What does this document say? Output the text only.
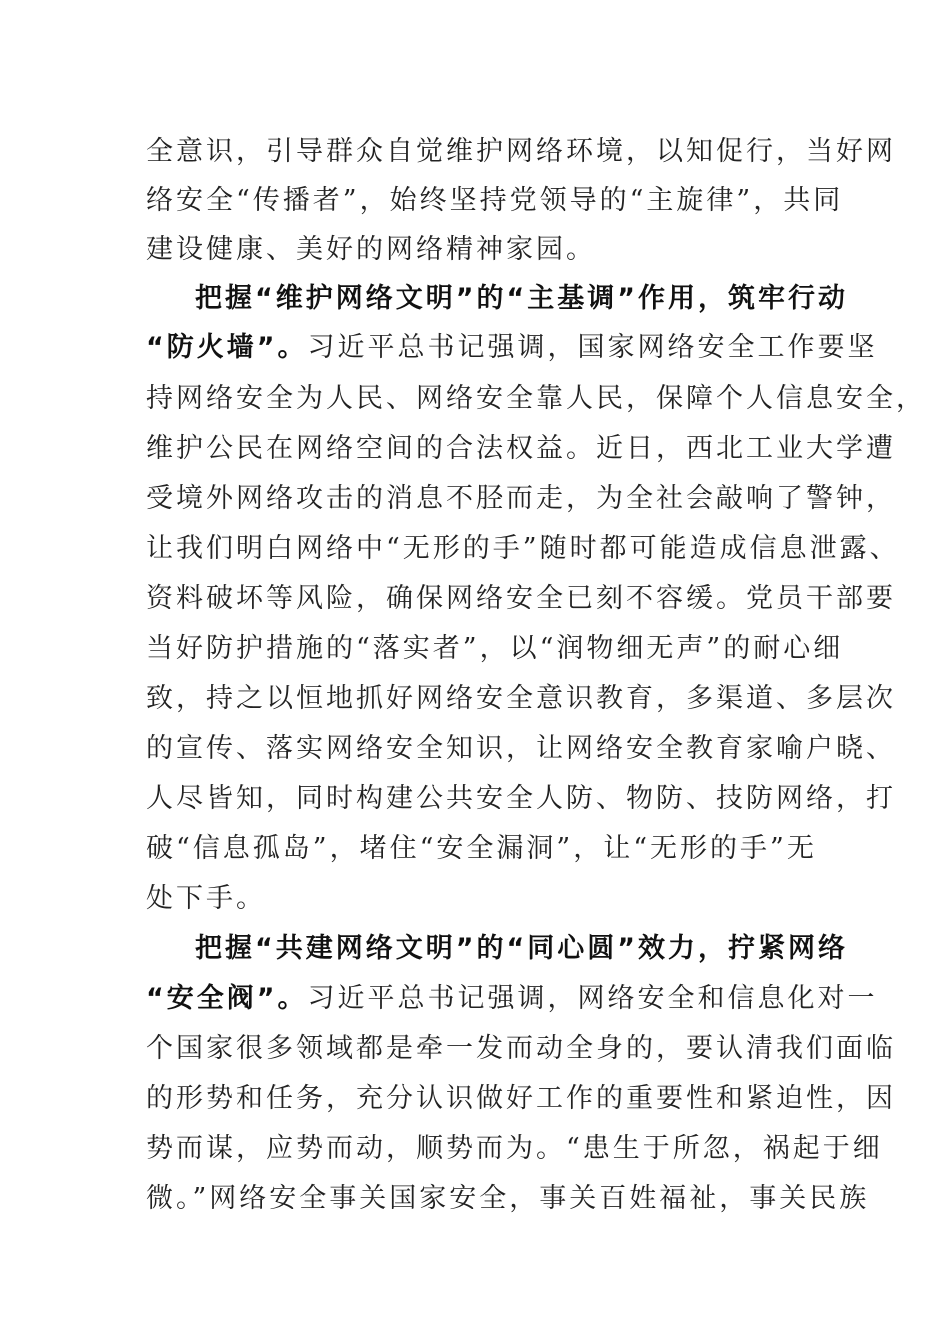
全意识，引导群众自觉维护网络环境，以知促行，当好网
络安全“传播者”，始终坚持党领导的“主旋律”，共同
建设健康、美好的网络精神家园。
把握“维护网络文明”的“主基调”作用，筑牢行动
“防火墙”。习近平总书记强调，国家网络安全工作要坚
持网络安全为人民、网络安全靠人民，保障个人信息安全，
维护公民在网络空间的合法权益。近日，西北工业大学遭
受境外网络攻击的消息不胫而走，为全社会敲响了警钟，
让我们明白网络中“无形的手”随时都可能造成信息泄露、
资料破坏等风险，确保网络安全已刻不容缓。党员干部要
当好防护措施的“落实者”，以“润物细无声”的耐心细
致，持之以恒地抓好网络安全意识教育，多渠道、多层次
的宣传、落实网络安全知识，让网络安全教育家喻户晓、
人尽皆知，同时构建公共安全人防、物防、技防网络，打
破“信息孤岛”，堵住“安全漏洞”，让“无形的手”无
处下手。
把握“共建网络文明”的“同心圆”效力，拧紧网络
“安全阀”。习近平总书记强调，网络安全和信息化对一
个国家很多领域都是牵一发而动全身的，要认清我们面临
的形势和任务，充分认识做好工作的重要性和紧迫性，因
势而谋，应势而动，顺势而为。“患生于所忽，祸起于细
微。”网络安全事关国家安全，事关百姓福祉，事关民族
